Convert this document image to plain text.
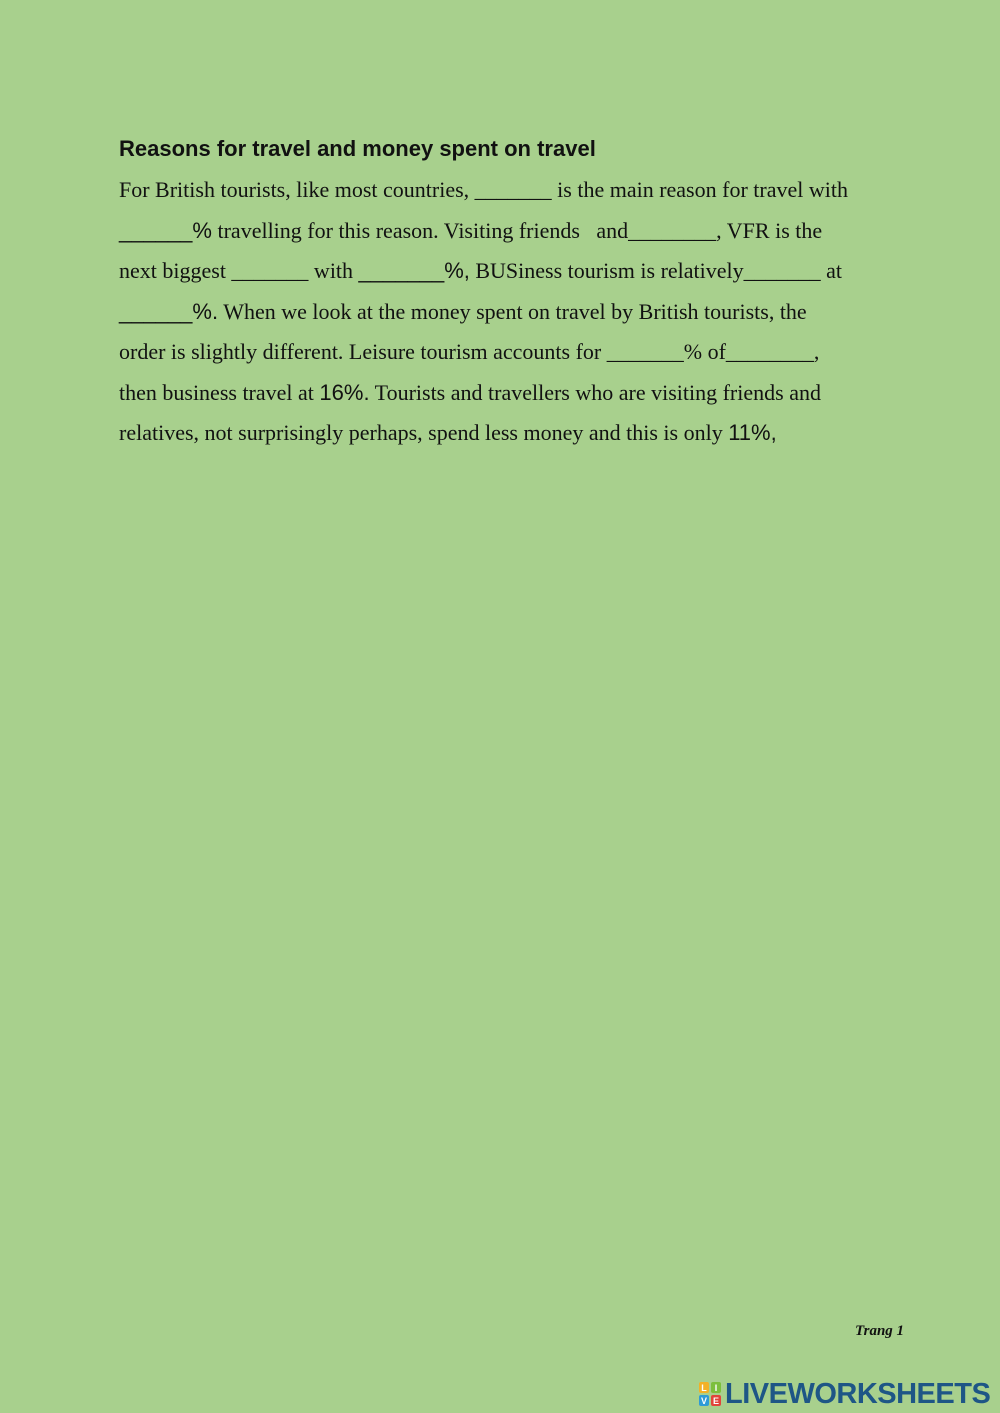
Reasons for travel and money spent on travel
For British tourists, like most countries, _______ is the main reason for travel with
______% travelling for this reason. Visiting friends   and________, VFR is the
next biggest _______ with _______%, BUSiness tourism is relatively_______ at
______%. When we look at the money spent on travel by British tourists, the
order is slightly different. Leisure tourism accounts for _______% of________,
then business travel at 16%. Tourists and travellers who are visiting friends and
relatives, not surprisingly perhaps, spend less money and this is only 11%,
Trang 1
L I
V E LIVEWORKSHEETS
